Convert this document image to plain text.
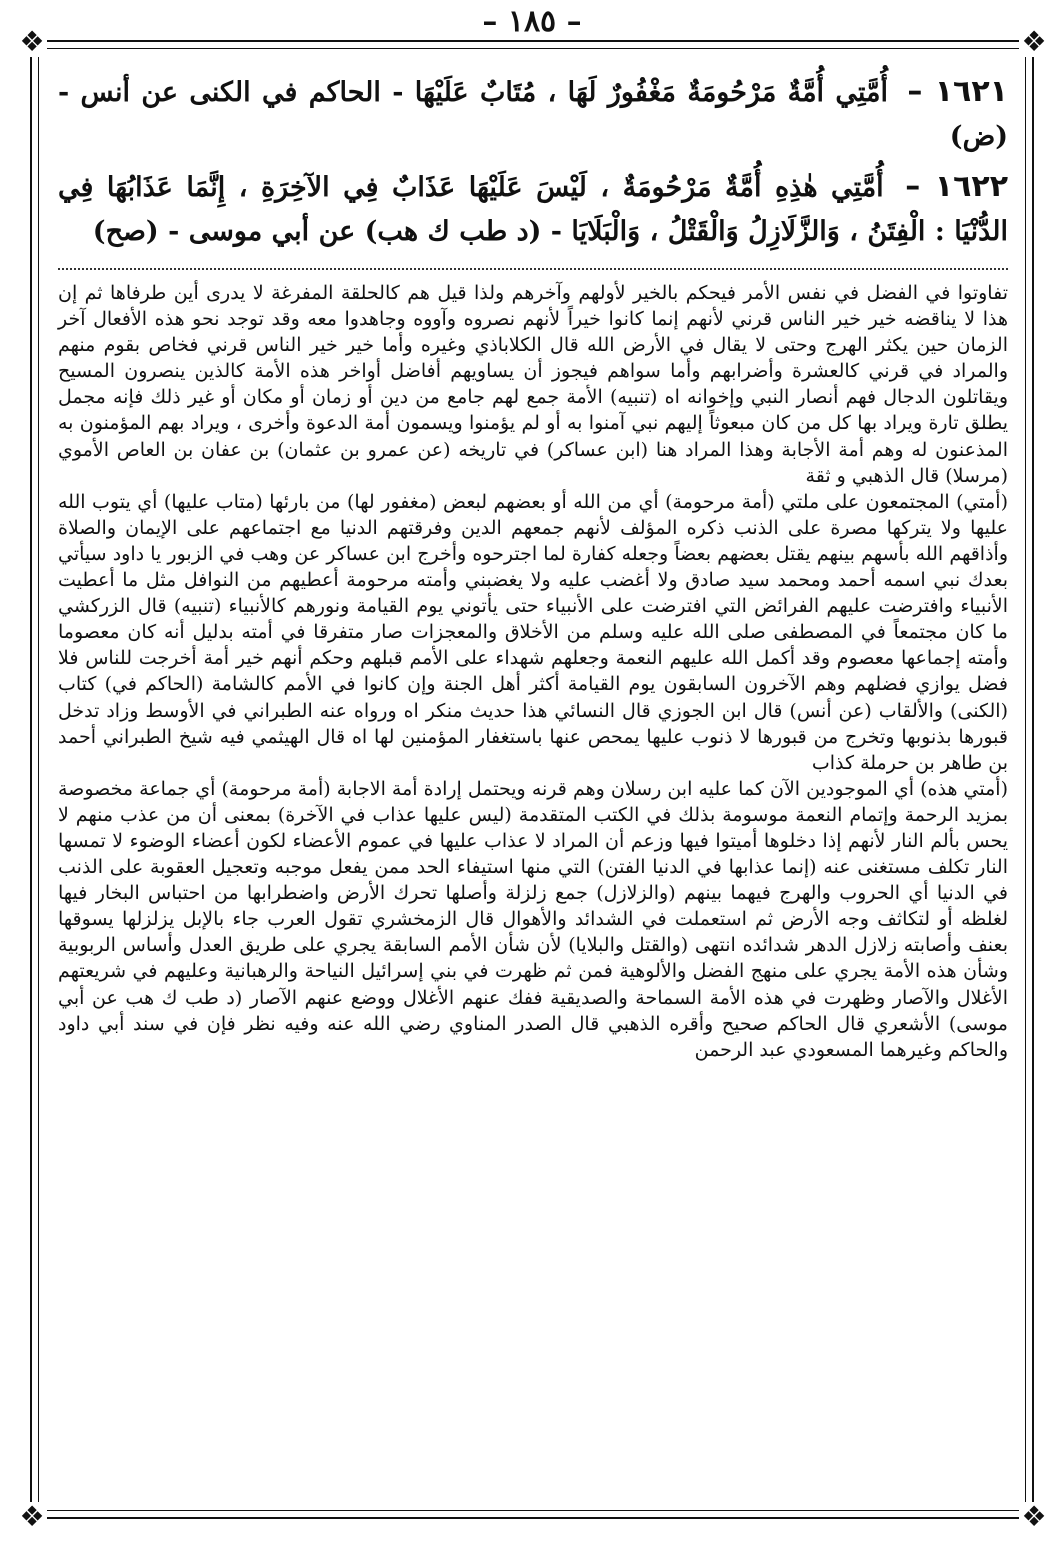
– ١٨٥ –
❖	❖
❖	❖
١٦٢١ – أُمَّتِي أُمَّةٌ مَرْحُومَةٌ مَغْفُورٌ لَهَا ، مُتَابٌ عَلَيْهَا - الحاكم في الكنى عن أنس - (ض)
١٦٢٢ – أُمَّتِي هٰذِهِ أُمَّةٌ مَرْحُومَةٌ ، لَيْسَ عَلَيْهَا عَذَابٌ فِي الآخِرَةِ ، إِنَّمَا عَذَابُهَا فِي الدُّنْيَا : الْفِتَنُ ، وَالزَّلَازِلُ وَالْقَتْلُ ، وَالْبَلَايَا - (د طب ك هب) عن أبي موسى - (صح)

تفاوتوا في الفضل في نفس الأمر فيحكم بالخير لأولهم وآخرهم ولذا قيل هم كالحلقة المفرغة لا يدرى أين طرفاها ثم إن هذا لا يناقضه خير خير الناس قرني لأنهم إنما كانوا خيراً لأنهم نصروه وآووه وجاهدوا معه وقد توجد نحو هذه الأفعال آخر الزمان حين يكثر الهرج وحتى لا يقال في الأرض الله قال الكلاباذي وغيره وأما خير خير الناس قرني فخاص بقوم منهم والمراد في قرني كالعشرة وأضرابهم وأما سواهم فيجوز أن يساويهم أفاضل أواخر هذه الأمة كالذين ينصرون المسيح ويقاتلون الدجال فهم أنصار النبي وإخوانه اه (تنبيه) الأمة جمع لهم جامع من دين أو زمان أو مكان أو غير ذلك فإنه مجمل يطلق تارة ويراد بها كل من كان مبعوثاً إليهم نبي آمنوا به أو لم يؤمنوا ويسمون أمة الدعوة وأخرى ، ويراد بهم المؤمنون به المذعنون له وهم أمة الأجابة وهذا المراد هنا (ابن عساكر) في تاريخه (عن عمرو بن عثمان) بن عفان بن العاص الأموي (مرسلا) قال الذهبي و ثقة

(أمتي) المجتمعون على ملتي (أمة مرحومة) أي من الله أو بعضهم لبعض (مغفور لها) من بارئها (متاب عليها) أي يتوب الله عليها ولا يتركها مصرة على الذنب ذكره المؤلف لأنهم جمعهم الدين وفرقتهم الدنيا مع اجتماعهم على الإيمان والصلاة وأذاقهم الله بأسهم بينهم يقتل بعضهم بعضاً وجعله كفارة لما اجترحوه وأخرج ابن عساكر عن وهب في الزبور يا داود سيأتي بعدك نبي اسمه أحمد ومحمد سيد صادق ولا أغضب عليه ولا يغضبني وأمته مرحومة أعطيهم من النوافل مثل ما أعطيت الأنبياء وافترضت عليهم الفرائض التي افترضت على الأنبياء حتى يأتوني يوم القيامة ونورهم كالأنبياء (تنبيه) قال الزركشي ما كان مجتمعاً في المصطفى صلى الله عليه وسلم من الأخلاق والمعجزات صار متفرقا في أمته بدليل أنه كان معصوما وأمته إجماعها معصوم وقد أكمل الله عليهم النعمة وجعلهم شهداء على الأمم قبلهم وحكم أنهم خير أمة أخرجت للناس فلا فضل يوازي فضلهم وهم الآخرون السابقون يوم القيامة أكثر أهل الجنة وإن كانوا في الأمم كالشامة (الحاكم في) كتاب (الكنى) والألقاب (عن أنس) قال ابن الجوزي قال النسائي هذا حديث منكر اه ورواه عنه الطبراني في الأوسط وزاد تدخل قبورها بذنوبها وتخرج من قبورها لا ذنوب عليها يمحص عنها باستغفار المؤمنين لها اه قال الهيثمي فيه شيخ الطبراني أحمد بن طاهر بن حرملة كذاب

(أمتي هذه) أي الموجودين الآن كما عليه ابن رسلان وهم قرنه ويحتمل إرادة أمة الاجابة (أمة مرحومة) أي جماعة مخصوصة بمزيد الرحمة وإتمام النعمة موسومة بذلك في الكتب المتقدمة (ليس عليها عذاب في الآخرة) بمعنى أن من عذب منهم لا يحس بألم النار لأنهم إذا دخلوها أميتوا فيها وزعم أن المراد لا عذاب عليها في عموم الأعضاء لكون أعضاء الوضوء لا تمسها النار تكلف مستغنى عنه (إنما عذابها في الدنيا الفتن) التي منها استيفاء الحد ممن يفعل موجبه وتعجيل العقوبة على الذنب في الدنيا أي الحروب والهرج فيهما بينهم (والزلازل) جمع زلزلة وأصلها تحرك الأرض واضطرابها من احتباس البخار فيها لغلظه أو لتكاثف وجه الأرض ثم استعملت في الشدائد والأهوال قال الزمخشري تقول العرب جاء بالإبل يزلزلها يسوقها بعنف وأصابته زلازل الدهر شدائده انتهى (والقتل والبلايا) لأن شأن الأمم السابقة يجري على طريق العدل وأساس الربوبية وشأن هذه الأمة يجري على منهج الفضل والألوهية فمن ثم ظهرت في بني إسرائيل النياحة والرهبانية وعليهم في شريعتهم الأغلال والآصار وظهرت في هذه الأمة السماحة والصديقية ففك عنهم الأغلال ووضع عنهم الآصار (د طب ك هب عن أبي موسى) الأشعري قال الحاكم صحيح وأقره الذهبي قال الصدر المناوي رضي الله عنه وفيه نظر فإن في سند أبي داود والحاكم وغيرهما المسعودي عبد الرحمن
